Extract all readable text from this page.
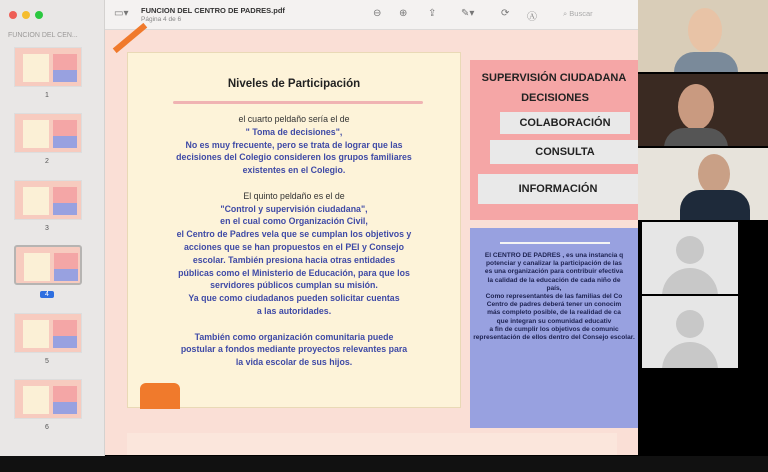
FUNCION DEL CEN...
1
2
3
4
5
6
▭▾ FUNCION DEL CENTRO DE PADRES.pdf
Página 4 de 6
⊖ ⊕ ⇪ ✎▾	⟳ Ⓐ	⌕ Buscar
Niveles de Participación
el cuarto peldaño sería el de
" Toma de decisiones",
No es muy frecuente, pero se trata de lograr que las
decisiones del Colegio consideren los grupos familiares
existentes en el Colegio.
El quinto peldaño es el de
"Control y supervisión ciudadana",
en el cual como Organización Civil,
el Centro de Padres vela que se cumplan los objetivos y
acciones que se han propuestos en el PEI y Consejo
escolar. También presiona hacia otras entidades
públicas como el Ministerio de Educación, para que los
servidores públicos cumplan su misión.
Ya que como ciudadanos pueden solicitar cuentas
a las autoridades.
También como organización comunitaria puede
postular a fondos mediante proyectos relevantes para
la vida escolar de sus hijos.
SUPERVISIÓN CIUDADANA
DECISIONES
COLABORACIÓN
CONSULTA
INFORMACIÓN
El CENTRO DE PADRES , es una instancia q
potenciar y canalizar la participación de las
es una organización para contribuir efectiva
la calidad de la educación de cada niño de
país,
Como representantes de las familias del Co
Centro de padres deberá tener un conocim
más completo posible, de la realidad de ca
que integran su comunidad educativ
a fin de cumplir los objetivos de comunic
representación de ellos dentro del Consejo escolar.
